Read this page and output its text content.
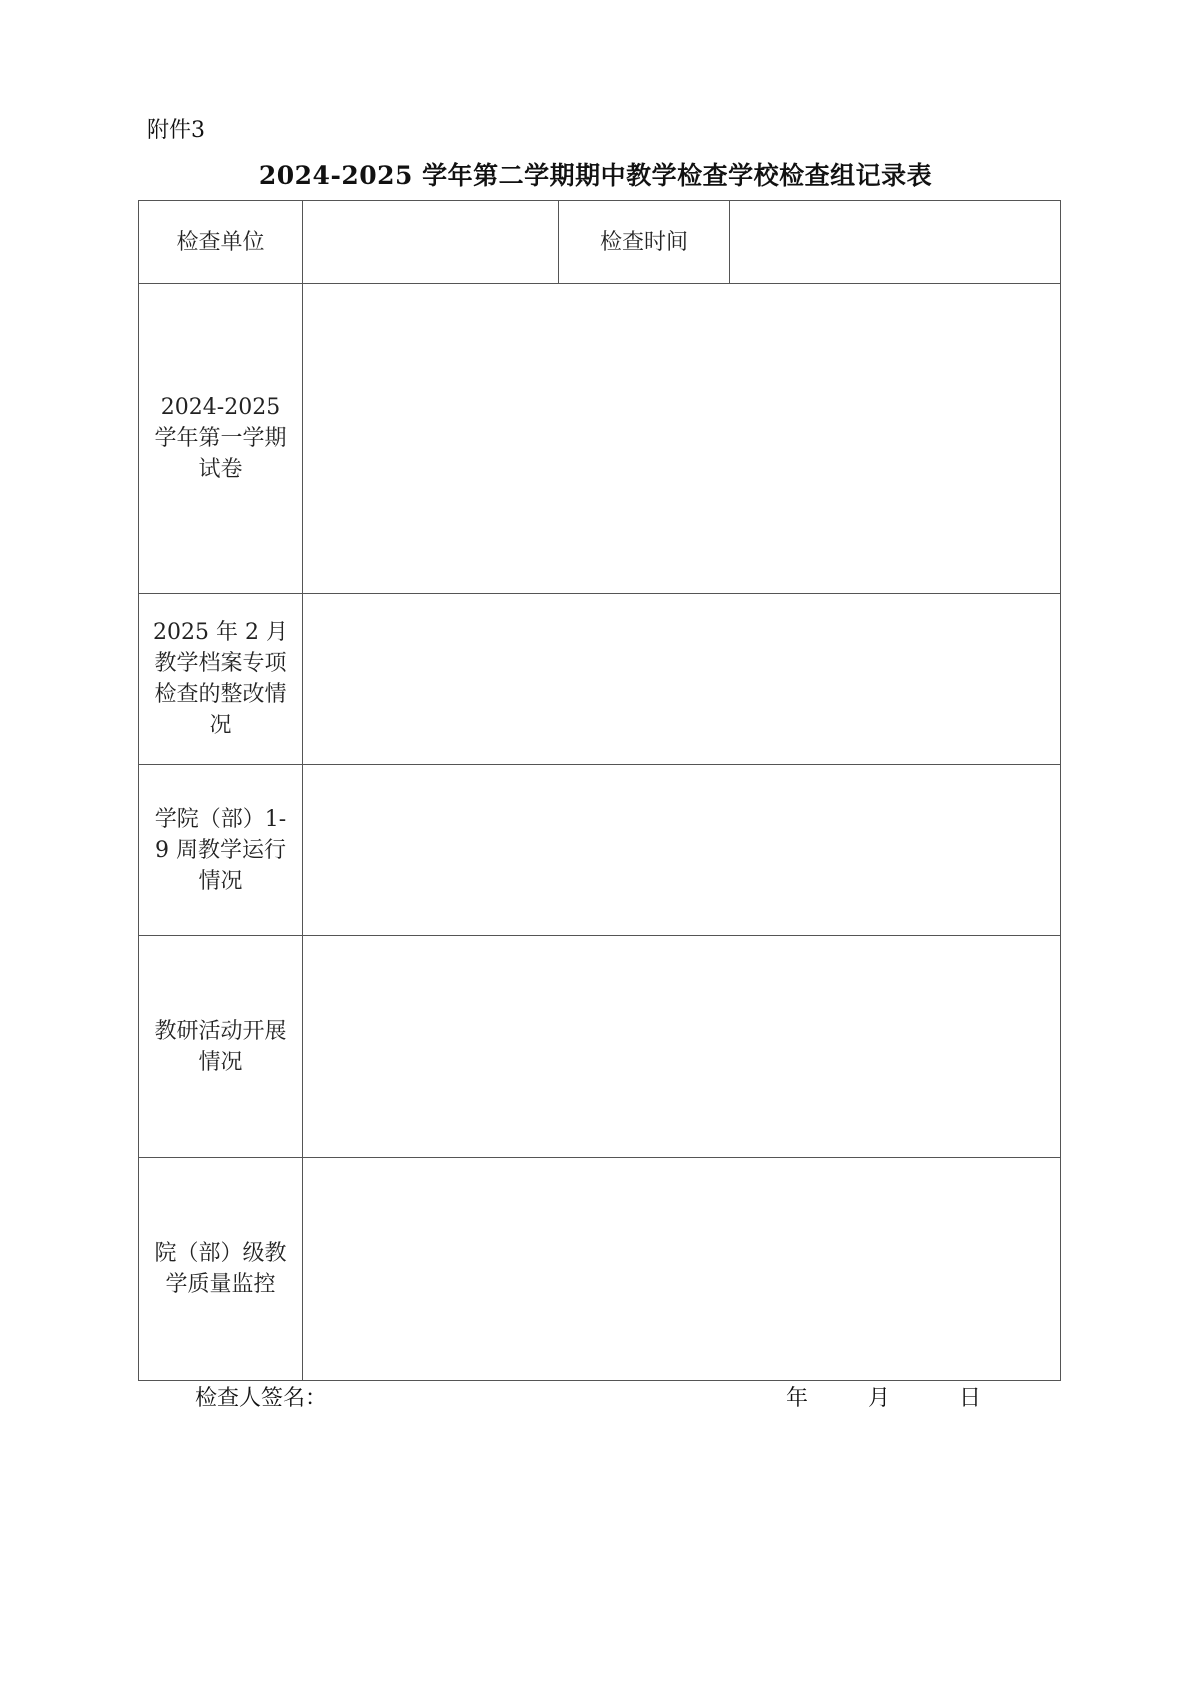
附件3
2024-2025 学年第二学期期中教学检查学校检查组记录表
检查单位		检查时间	
2024-2025 学年第一学期试卷			
2025 年 2 月教学档案专项检查的整改情况			
学院（部）1-9 周教学运行情况			
教研活动开展情况			
院（部）级教学质量监控			
检查人签名：	年	月	日
